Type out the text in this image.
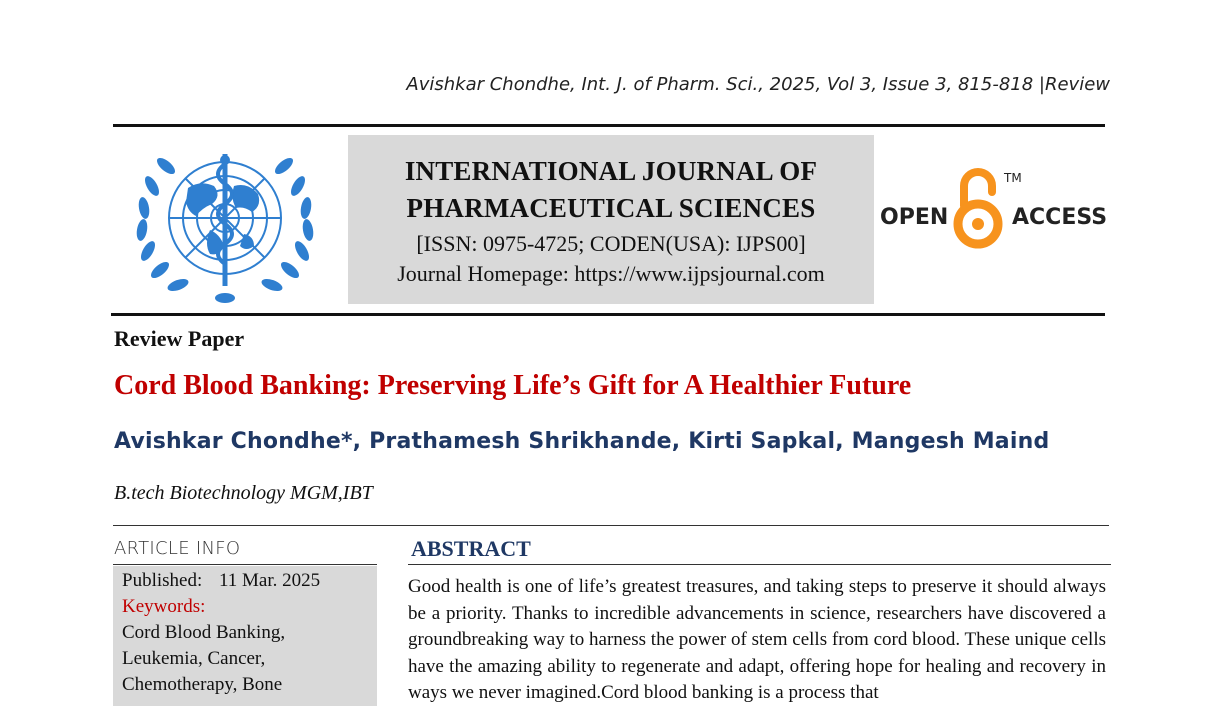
Avishkar Chondhe, Int. J. of Pharm. Sci., 2025, Vol 3, Issue 3, 815-818 |Review
INTERNATIONAL JOURNAL OF
PHARMACEUTICAL SCIENCES
[ISSN: 0975-4725; CODEN(USA): IJPS00]
Journal Homepage: https://www.ijpsjournal.com
OPEN
TM
ACCESS
Review Paper
Cord Blood Banking: Preserving Life’s Gift for A Healthier Future
Avishkar Chondhe*, Prathamesh Shrikhande, Kirti Sapkal, Mangesh Maind
B.tech Biotechnology MGM,IBT
ARTICLE INFO
Published: 11 Mar. 2025
Keywords:
Cord Blood Banking,
Leukemia, Cancer,
Chemotherapy, Bone
ABSTRACT
Good health is one of life’s greatest treasures, and taking steps to preserve it should always be a priority. Thanks to incredible advancements in science, researchers have discovered a groundbreaking way to harness the power of stem cells from cord blood. These unique cells have the amazing ability to regenerate and adapt, offering hope for healing and recovery in ways we never imagined.Cord blood banking is a process that
